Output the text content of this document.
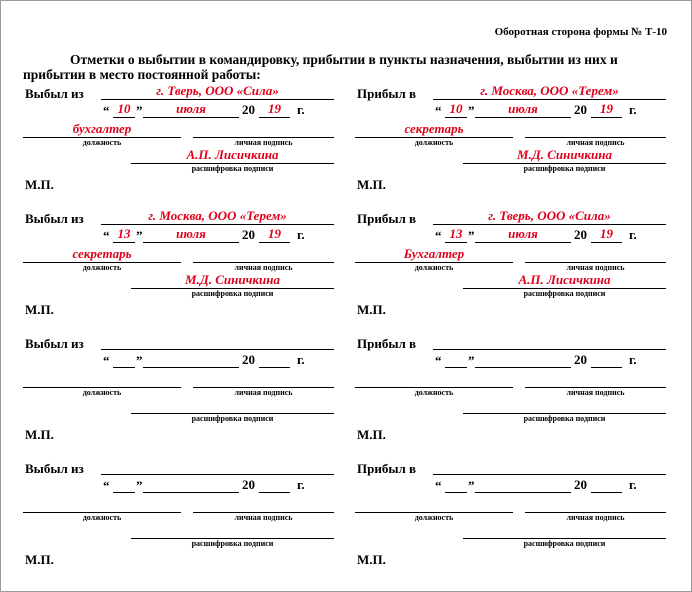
Оборотная сторона формы № Т-10
Отметки о выбытии в командировку, прибытии в пункты назначения, выбытии из них и прибытии в место постоянной работы:
Выбыл из	г. Тверь, ООО «Сила»
“ 10 ”	июля	20	19	г.
бухгалтер
должность	личная подпись
А.П. Лисичкина
расшифровка подписи
М.П.
Прибыл в	г. Москва, ООО «Терем»
“ 10 ”	июля	20	19	г.
секретарь
должность	личная подпись
М.Д. Синичкина
расшифровка подписи
М.П.
Выбыл из	г. Москва, ООО «Терем»
“ 13 ”	июля	20	19	г.
секретарь
должность	личная подпись
М.Д. Синичкина
расшифровка подписи
М.П.
Прибыл в	г. Тверь, ООО «Сила»
“ 13 ”	июля	20	19	г.
Бухгалтер
должность	личная подпись
А.П. Лисичкина
расшифровка подписи
М.П.
Выбыл из
“ ”	20	г.
должность	личная подпись
расшифровка подписи
М.П.
Прибыл в
“ ”	20	г.
должность	личная подпись
расшифровка подписи
М.П.
Выбыл из
“ ”	20	г.
должность	личная подпись
расшифровка подписи
М.П.
Прибыл в
“ ”	20	г.
должность	личная подпись
расшифровка подписи
М.П.
